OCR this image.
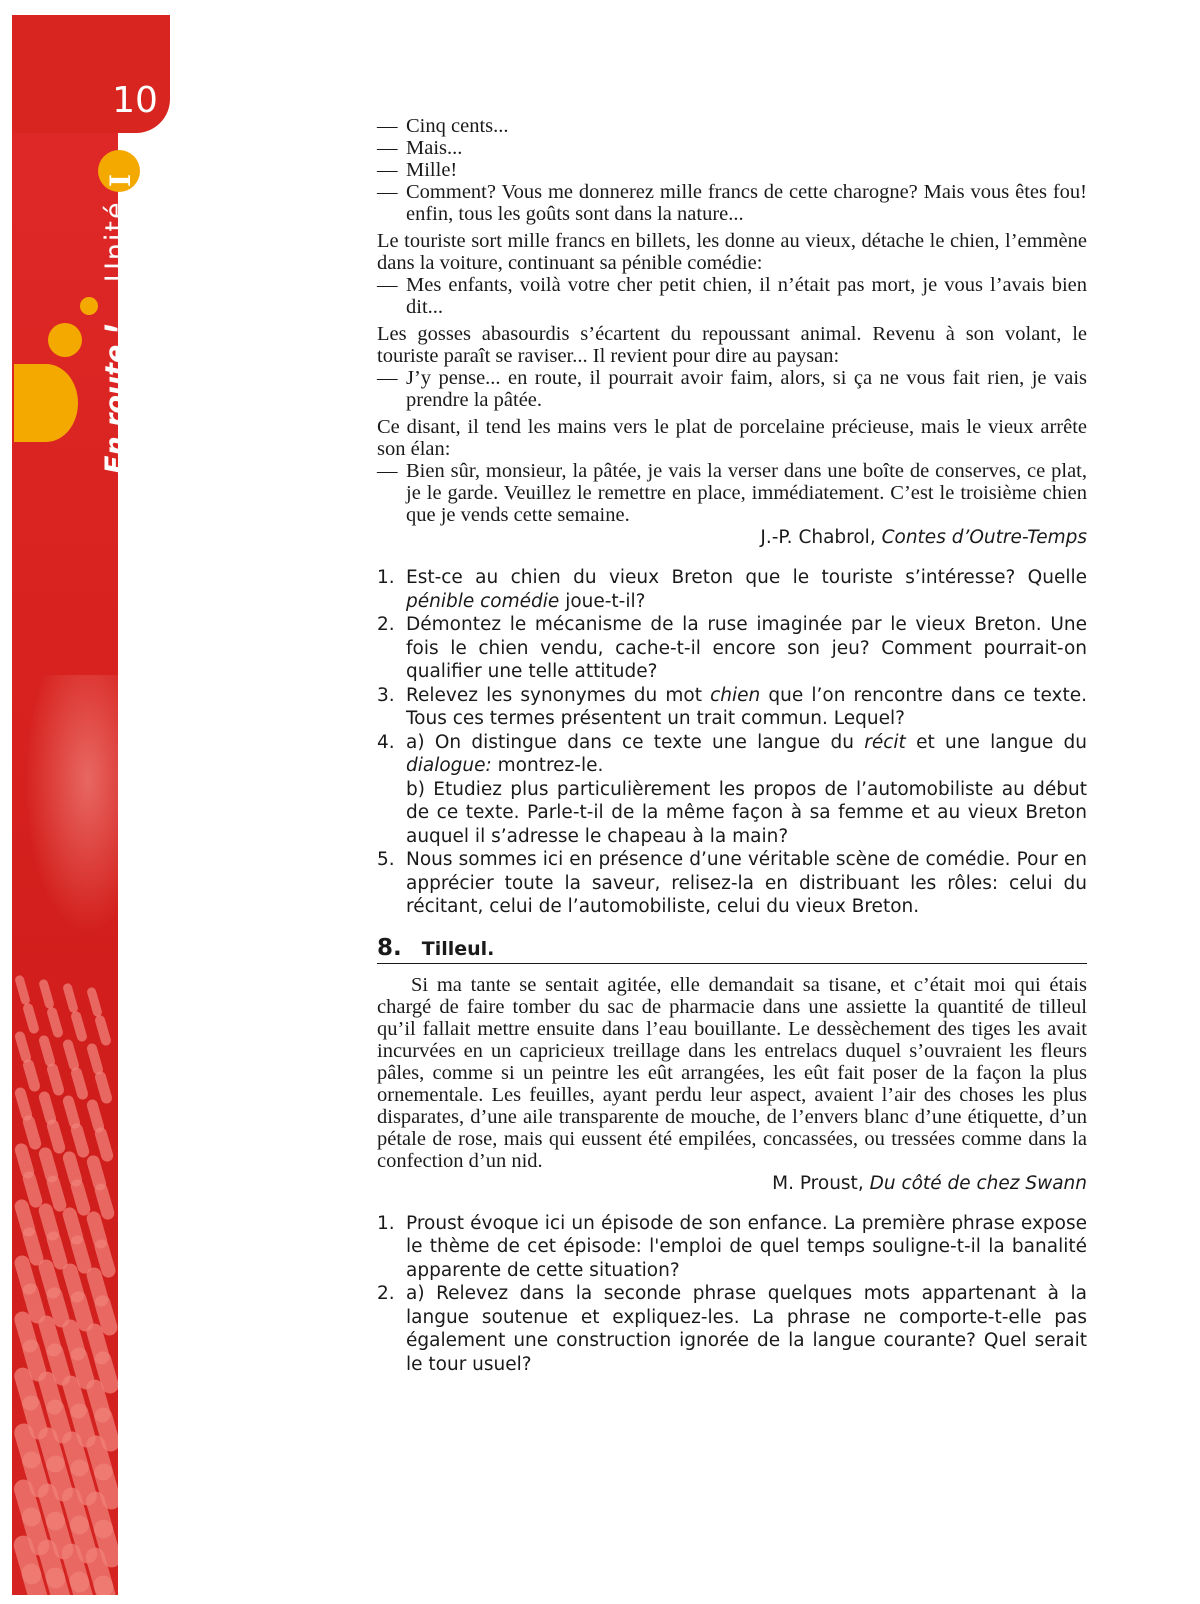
10
I
Unité
En route !
— Cinq cents...
— Mais...
— Mille!
— Comment? Vous me donnerez mille francs de cette charogne? Mais vous êtes fou! enfin, tous les goûts sont dans la nature...
Le touriste sort mille francs en billets, les donne au vieux, détache le chien, l’emmène dans la voiture, continuant sa pénible comédie:
— Mes enfants, voilà votre cher petit chien, il n’était pas mort, je vous l’avais bien dit...
Les gosses abasourdis s’écartent du repoussant animal. Revenu à son volant, le touriste paraît se raviser... Il revient pour dire au paysan:
— J’y pense... en route, il pourrait avoir faim, alors, si ça ne vous fait rien, je vais prendre la pâtée.
Ce disant, il tend les mains vers le plat de porcelaine précieuse, mais le vieux arrête son élan:
— Bien sûr, monsieur, la pâtée, je vais la verser dans une boîte de conserves, ce plat, je le garde. Veuillez le remettre en place, immédiatement. C’est le troisième chien que je vends cette semaine.
J.-P. Chabrol, Contes d’Outre-Temps
1. Est-ce au chien du vieux Breton que le touriste s’intéresse? Quelle pénible comédie joue-t-il?
2. Démontez le mécanisme de la ruse imaginée par le vieux Breton. Une fois le chien vendu, cache-t-il encore son jeu? Comment pourrait-on qualifier une telle attitude?
3. Relevez les synonymes du mot chien que l’on rencontre dans ce texte. Tous ces termes présentent un trait commun. Lequel?
4. a) On distingue dans ce texte une langue du récit et une langue du dialogue: montrez-le.
b) Etudiez plus particulièrement les propos de l’automobiliste au début de ce texte. Parle-t-il de la même façon à sa femme et au vieux Breton auquel il s’adresse le chapeau à la main?
5. Nous sommes ici en présence d’une véritable scène de comédie. Pour en apprécier toute la saveur, relisez-la en distribuant les rôles: celui du récitant, celui de l’automobiliste, celui du vieux Breton.
8. Tilleul.
Si ma tante se sentait agitée, elle demandait sa tisane, et c’était moi qui étais chargé de faire tomber du sac de pharmacie dans une assiette la quantité de tilleul qu’il fallait mettre ensuite dans l’eau bouillante. Le dessèchement des tiges les avait incurvées en un capricieux treillage dans les entrelacs duquel s’ouvraient les fleurs pâles, comme si un peintre les eût arrangées, les eût fait poser de la façon la plus ornementale. Les feuilles, ayant perdu leur aspect, avaient l’air des choses les plus disparates, d’une aile transparente de mouche, de l’envers blanc d’une étiquette, d’un pétale de rose, mais qui eussent été empilées, concassées, ou tressées comme dans la confection d’un nid.
M. Proust, Du côté de chez Swann
1. Proust évoque ici un épisode de son enfance. La première phrase expose le thème de cet épisode: l'emploi de quel temps souligne-t-il la banalité apparente de cette situation?
2. a) Relevez dans la seconde phrase quelques mots appartenant à la langue soutenue et expliquez-les. La phrase ne comporte-t-elle pas également une construction ignorée de la langue courante? Quel serait le tour usuel?
